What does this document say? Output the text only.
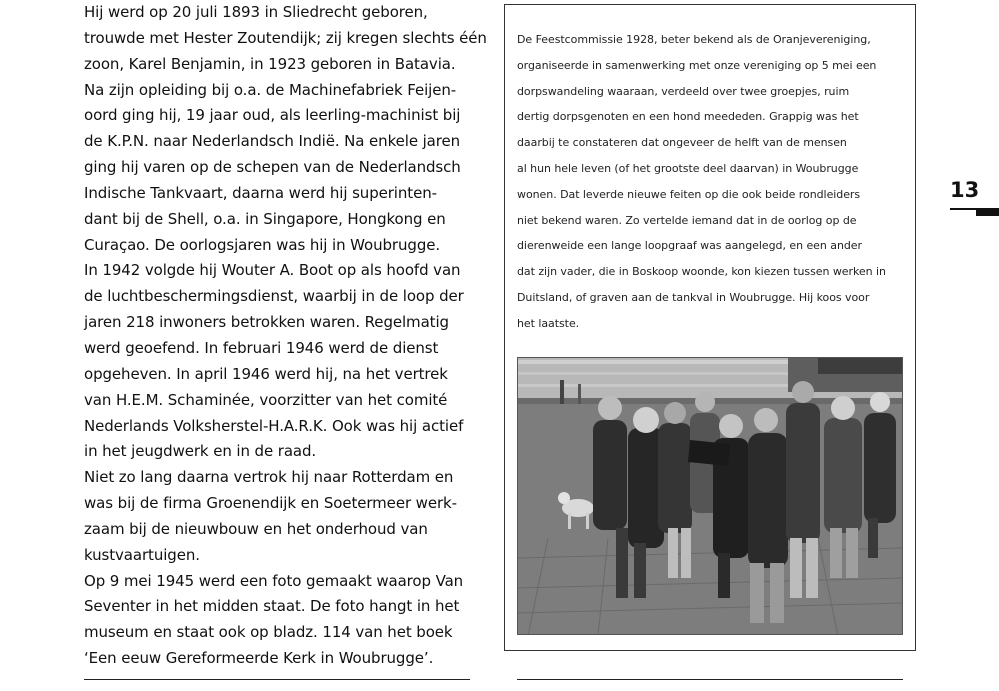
Hij werd op 20 juli 1893 in Sliedrecht geboren,
trouwde met Hester Zoutendijk; zij kregen slechts één
zoon, Karel Benjamin, in 1923 geboren in Batavia.
Na zijn opleiding bij o.a. de Machinefabriek Feijen-
oord ging hij, 19 jaar oud, als leerling-machinist bij
de K.P.N. naar Nederlandsch Indië. Na enkele jaren
ging hij varen op de schepen van de Nederlandsch
Indische Tankvaart, daarna werd hij superinten-
dant bij de Shell, o.a. in Singapore, Hongkong en
Curaçao. De oorlogsjaren was hij in Woubrugge.
In 1942 volgde hij Wouter A. Boot op als hoofd van
de luchtbeschermingsdienst, waarbij in de loop der
jaren 218 inwoners betrokken waren. Regelmatig
werd geoefend. In februari 1946 werd de dienst
opgeheven. In april 1946 werd hij, na het vertrek
van H.E.M. Schaminée, voorzitter van het comité
Nederlands Volksherstel-H.A.R.K. Ook was hij actief
in het jeugdwerk en in de raad.
Niet zo lang daarna vertrok hij naar Rotterdam en
was bij de firma Groenendijk en Soetermeer werk-
zaam bij de nieuwbouw en het onderhoud van
kustvaartuigen.
Op 9 mei 1945 werd een foto gemaakt waarop Van
Seventer in het midden staat. De foto hangt in het
museum en staat ook op bladz. 114 van het boek
‘Een eeuw Gereformeerde Kerk in Woubrugge’.
De Feestcommissie 1928, beter bekend als de Oranjevereniging,
organiseerde in samenwerking met onze vereniging op 5 mei een
dorpswandeling waaraan, verdeeld over twee groepjes, ruim
dertig dorpsgenoten en een hond meededen. Grappig was het
daarbij te constateren dat ongeveer de helft van de mensen
al hun hele leven (of het grootste deel daarvan) in Woubrugge
wonen. Dat leverde nieuwe feiten op die ook beide rondleiders
niet bekend waren. Zo vertelde iemand dat in de oorlog op de
dierenweide een lange loopgraaf was aangelegd, en een ander
dat zijn vader, die in Boskoop woonde, kon kiezen tussen werken in
Duitsland, of graven aan de tankval in Woubrugge. Hij koos voor
het laatste.
13
